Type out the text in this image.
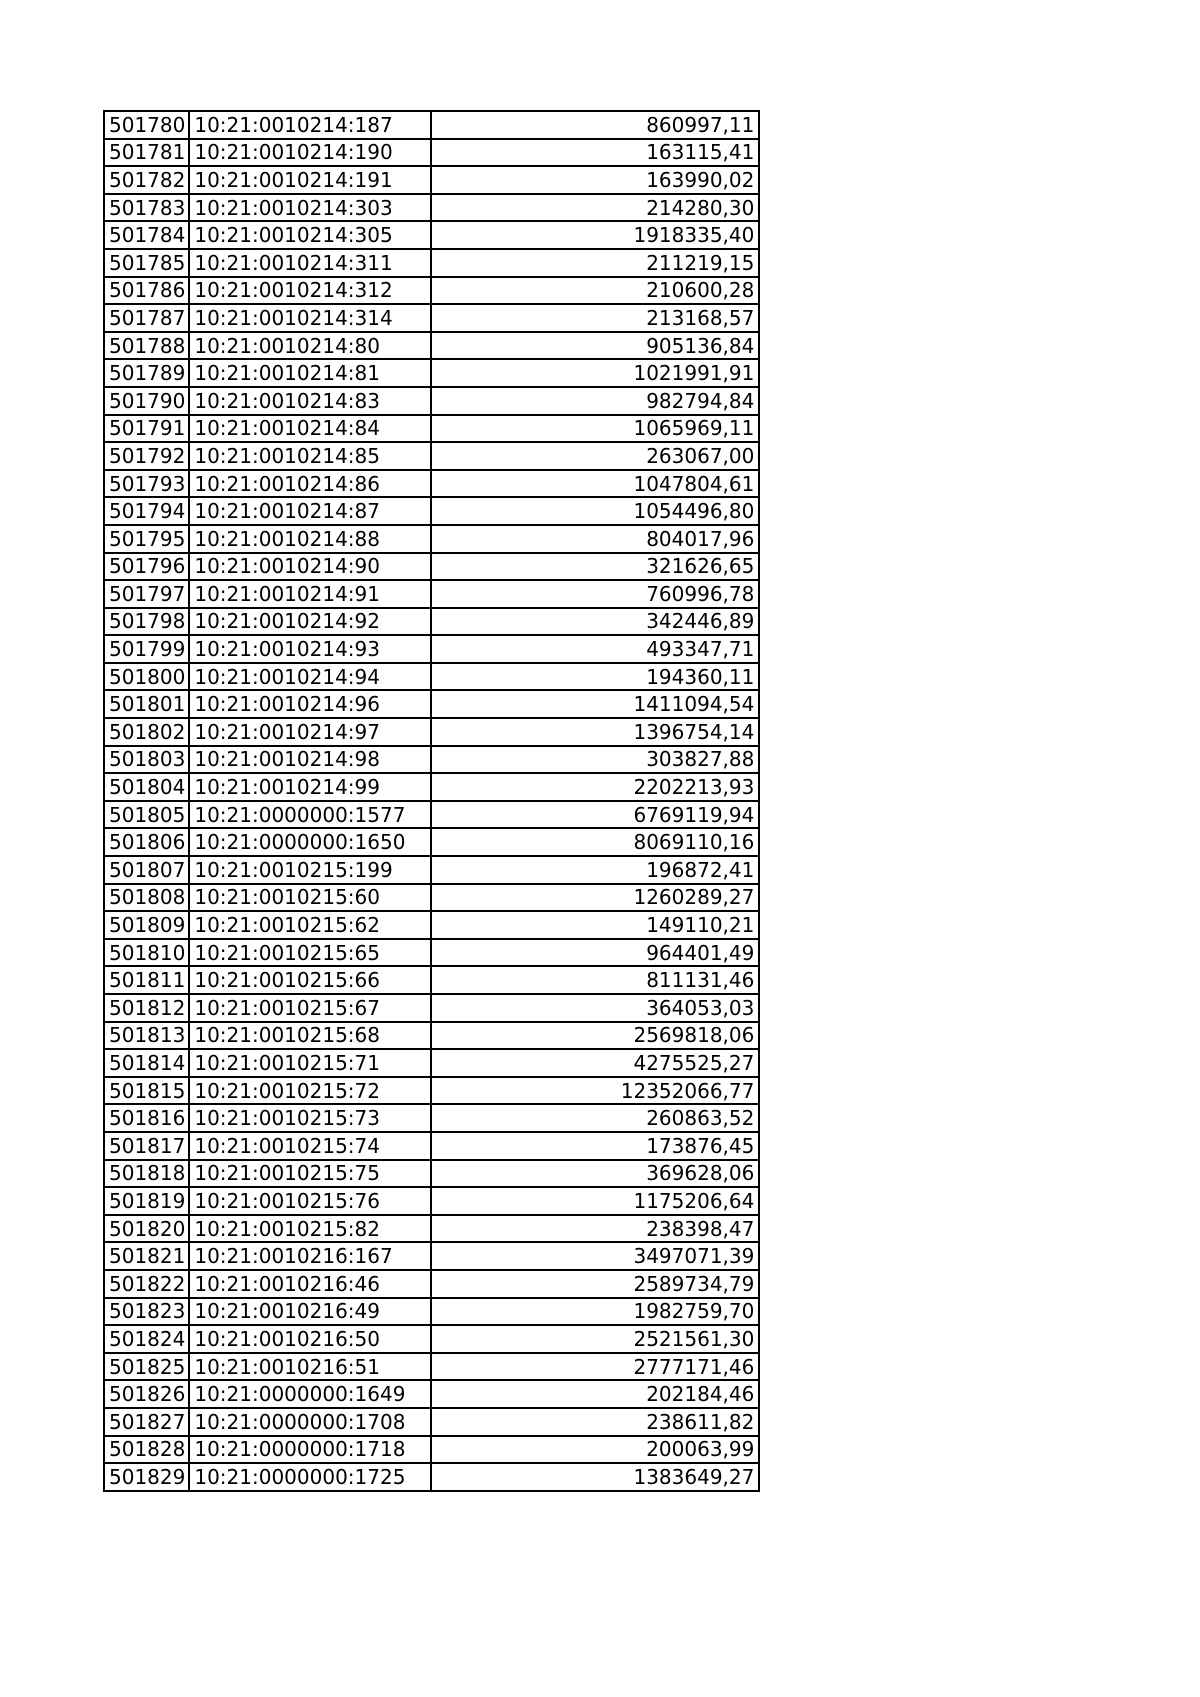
501780	10:21:0010214:187	860997,11
501781	10:21:0010214:190	163115,41
501782	10:21:0010214:191	163990,02
501783	10:21:0010214:303	214280,30
501784	10:21:0010214:305	1918335,40
501785	10:21:0010214:311	211219,15
501786	10:21:0010214:312	210600,28
501787	10:21:0010214:314	213168,57
501788	10:21:0010214:80	905136,84
501789	10:21:0010214:81	1021991,91
501790	10:21:0010214:83	982794,84
501791	10:21:0010214:84	1065969,11
501792	10:21:0010214:85	263067,00
501793	10:21:0010214:86	1047804,61
501794	10:21:0010214:87	1054496,80
501795	10:21:0010214:88	804017,96
501796	10:21:0010214:90	321626,65
501797	10:21:0010214:91	760996,78
501798	10:21:0010214:92	342446,89
501799	10:21:0010214:93	493347,71
501800	10:21:0010214:94	194360,11
501801	10:21:0010214:96	1411094,54
501802	10:21:0010214:97	1396754,14
501803	10:21:0010214:98	303827,88
501804	10:21:0010214:99	2202213,93
501805	10:21:0000000:1577	6769119,94
501806	10:21:0000000:1650	8069110,16
501807	10:21:0010215:199	196872,41
501808	10:21:0010215:60	1260289,27
501809	10:21:0010215:62	149110,21
501810	10:21:0010215:65	964401,49
501811	10:21:0010215:66	811131,46
501812	10:21:0010215:67	364053,03
501813	10:21:0010215:68	2569818,06
501814	10:21:0010215:71	4275525,27
501815	10:21:0010215:72	12352066,77
501816	10:21:0010215:73	260863,52
501817	10:21:0010215:74	173876,45
501818	10:21:0010215:75	369628,06
501819	10:21:0010215:76	1175206,64
501820	10:21:0010215:82	238398,47
501821	10:21:0010216:167	3497071,39
501822	10:21:0010216:46	2589734,79
501823	10:21:0010216:49	1982759,70
501824	10:21:0010216:50	2521561,30
501825	10:21:0010216:51	2777171,46
501826	10:21:0000000:1649	202184,46
501827	10:21:0000000:1708	238611,82
501828	10:21:0000000:1718	200063,99
501829	10:21:0000000:1725	1383649,27
